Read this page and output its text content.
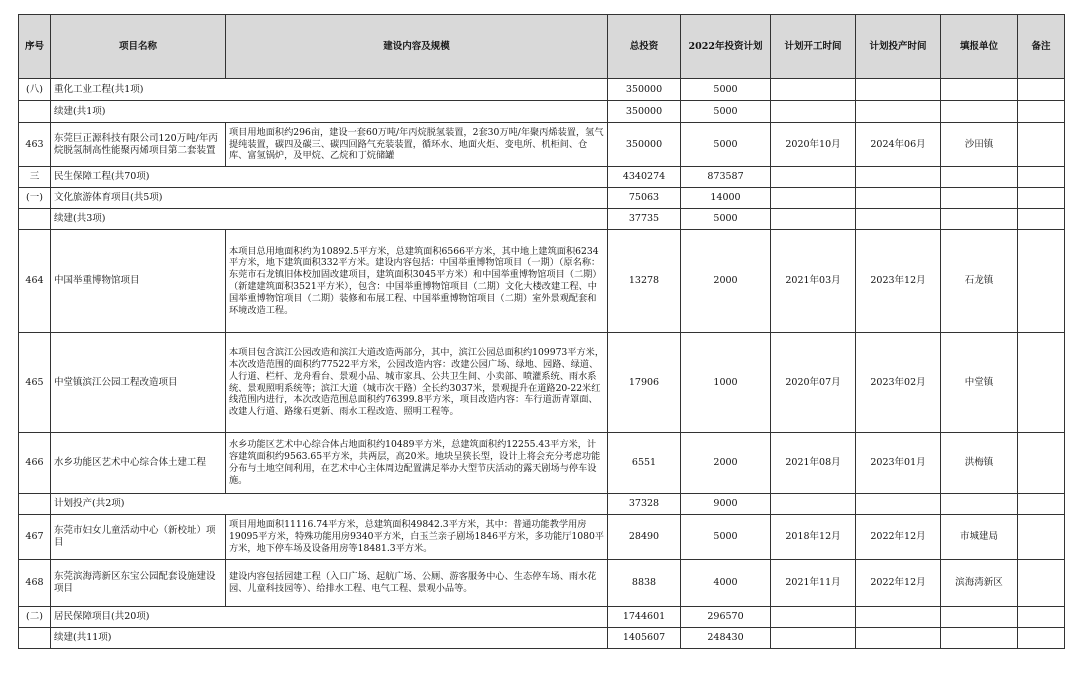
序号	项目名称	建设内容及规模	总投资	2022年投资计划	计划开工时间	计划投产时间	填报单位	备注
(八)	重化工业工程(共1项)		350000	5000				
	续建(共1项)		350000	5000				
463	东莞巨正源科技有限公司120万吨/年丙烷脱氢制高性能聚丙烯项目第二套装置	项目用地面积约296亩，建设一套60万吨/年丙烷脱氢装置，2套30万吨/年聚丙烯装置，氢气提纯装置，碳四及碳三、碳四回路气充装装置，循环水、地面火炬、变电所、机柜间、仓库、富氢锅炉，及甲烷、乙烷和丁烷储罐	350000	5000	2020年10月	2024年06月	沙田镇	
三	民生保障工程(共70项)		4340274	873587				
(一)	文化旅游体育项目(共5项)		75063	14000				
	续建(共3项)		37735	5000				
464	中国举重博物馆项目	本项目总用地面积约为10892.5平方米，总建筑面积6566平方米，其中地上建筑面积6234平方米，地下建筑面积332平方米。建设内容包括：中国举重博物馆项目（一期）（原名称：东莞市石龙镇旧体校加固改建项目，建筑面积3045平方米）和中国举重博物馆项目（二期）（新建建筑面积3521平方米），包含：中国举重博物馆项目（二期）文化大楼改建工程、中国举重博物馆项目（二期）装修和布展工程、中国举重博物馆项目（二期）室外景观配套和环境改造工程。	13278	2000	2021年03月	2023年12月	石龙镇	
465	中堂镇滨江公园工程改造项目	本项目包含滨江公园改造和滨江大道改造两部分，其中，滨江公园总面积约109973平方米，本次改造范围的面积约77522平方米，公园改造内容：改建公园广场、绿地、园路、绿道、人行道、栏杆、龙舟看台、景观小品、城市家具、公共卫生间、小卖部、喷灌系统、雨水系统、景观照明系统等；滨江大道（城市次干路）全长约3037米，景观提升在道路20-22米红线范围内进行，本次改造范围总面积约76399.8平方米，项目改造内容：车行道沥青罩面、改建人行道、路缘石更新、雨水工程改造、照明工程等。	17906	1000	2020年07月	2023年02月	中堂镇	
466	水乡功能区艺术中心综合体土建工程	水乡功能区艺术中心综合体占地面积约10489平方米，总建筑面积约12255.43平方米，计容建筑面积约9563.65平方米，共两层，高20米。地块呈狭长型，设计上将会充分考虑功能分布与土地空间利用，在艺术中心主体周边配置满足举办大型节庆活动的露天剧场与停车设施。	6551	2000	2021年08月	2023年01月	洪梅镇	
	计划投产(共2项)		37328	9000				
467	东莞市妇女儿童活动中心（新校址）项目	项目用地面积11116.74平方米，总建筑面积49842.3平方米，其中：普通功能教学用房19095平方米，特殊功能用房9340平方米，白玉兰亲子剧场1846平方米，多功能厅1080平方米，地下停车场及设备用房等18481.3平方米。	28490	5000	2018年12月	2022年12月	市城建局	
468	东莞滨海湾新区东宝公园配套设施建设项目	建设内容包括园建工程（入口广场、起航广场、公厕、游客服务中心、生态停车场、雨水花园、儿童科技园等）、给排水工程、电气工程、景观小品等。	8838	4000	2021年11月	2022年12月	滨海湾新区	
(二)	居民保障项目(共20项)		1744601	296570				
	续建(共11项)		1405607	248430				
